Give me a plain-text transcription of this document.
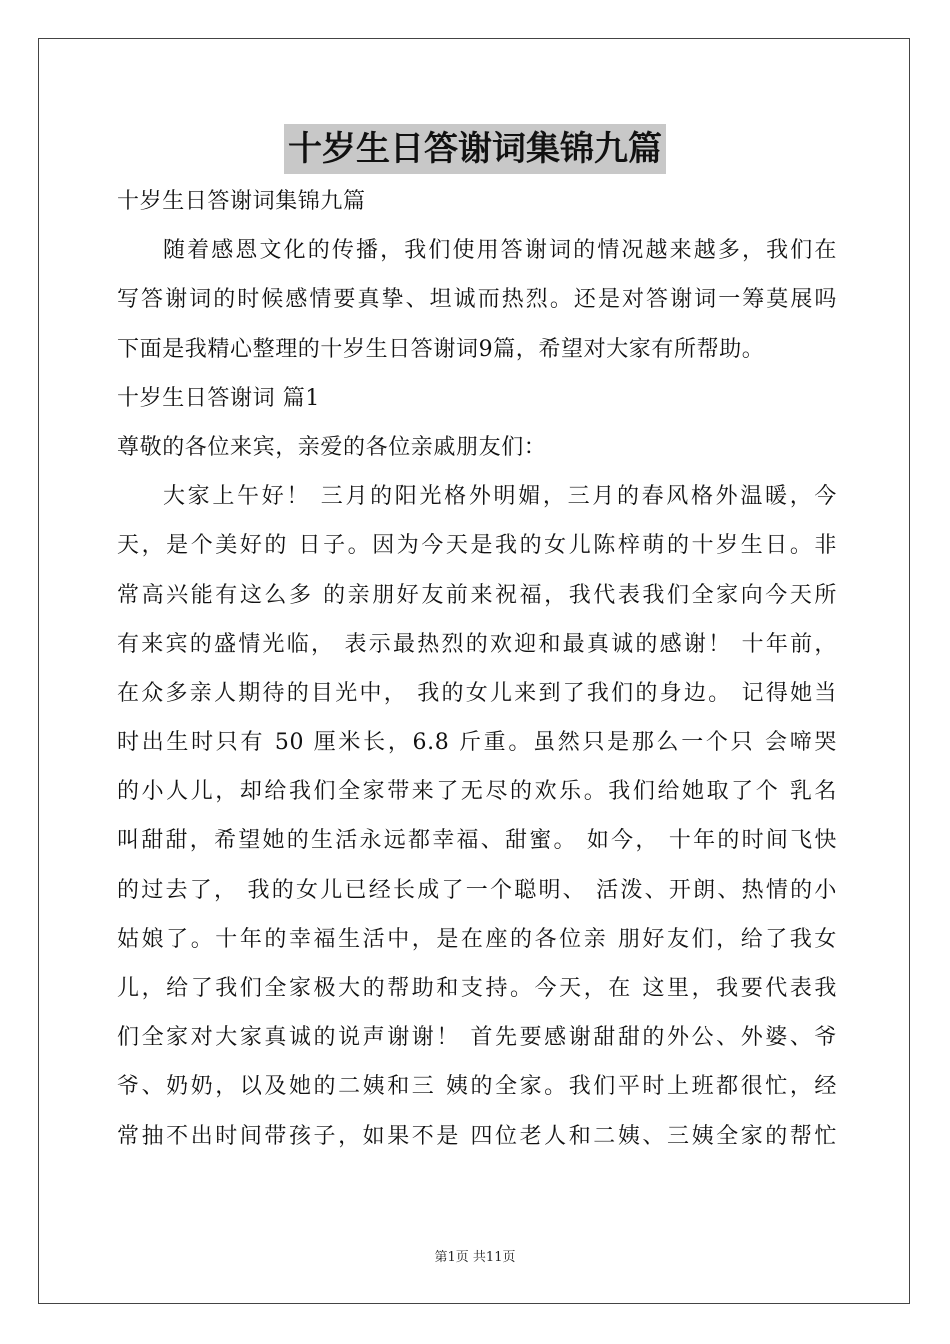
十岁生日答谢词集锦九篇
十岁生日答谢词集锦九篇
随着感恩文化的传播，我们使用答谢词的情况越来越多，我们在
写答谢词的时候感情要真挚、坦诚而热烈。还是对答谢词一筹莫展吗
下面是我精心整理的十岁生日答谢词9篇，希望对大家有所帮助。
十岁生日答谢词 篇1
尊敬的各位来宾，亲爱的各位亲戚朋友们：
大家上午好！ 三月的阳光格外明媚，三月的春风格外温暖，今
天，是个美好的 日子。因为今天是我的女儿陈梓萌的十岁生日。非
常高兴能有这么多 的亲朋好友前来祝福，我代表我们全家向今天所
有来宾的盛情光临， 表示最热烈的欢迎和最真诚的感谢！ 十年前，
在众多亲人期待的目光中， 我的女儿来到了我们的身边。 记得她当
时出生时只有 50 厘米长，6.8 斤重。虽然只是那么一个只 会啼哭
的小人儿，却给我们全家带来了无尽的欢乐。我们给她取了个 乳名
叫甜甜，希望她的生活永远都幸福、甜蜜。 如今， 十年的时间飞快
的过去了， 我的女儿已经长成了一个聪明、 活泼、开朗、热情的小
姑娘了。十年的幸福生活中，是在座的各位亲 朋好友们，给了我女
儿，给了我们全家极大的帮助和支持。今天，在 这里，我要代表我
们全家对大家真诚的说声谢谢！ 首先要感谢甜甜的外公、外婆、爷
爷、奶奶，以及她的二姨和三 姨的全家。我们平时上班都很忙，经
常抽不出时间带孩子，如果不是 四位老人和二姨、三姨全家的帮忙
第1页 共11页
